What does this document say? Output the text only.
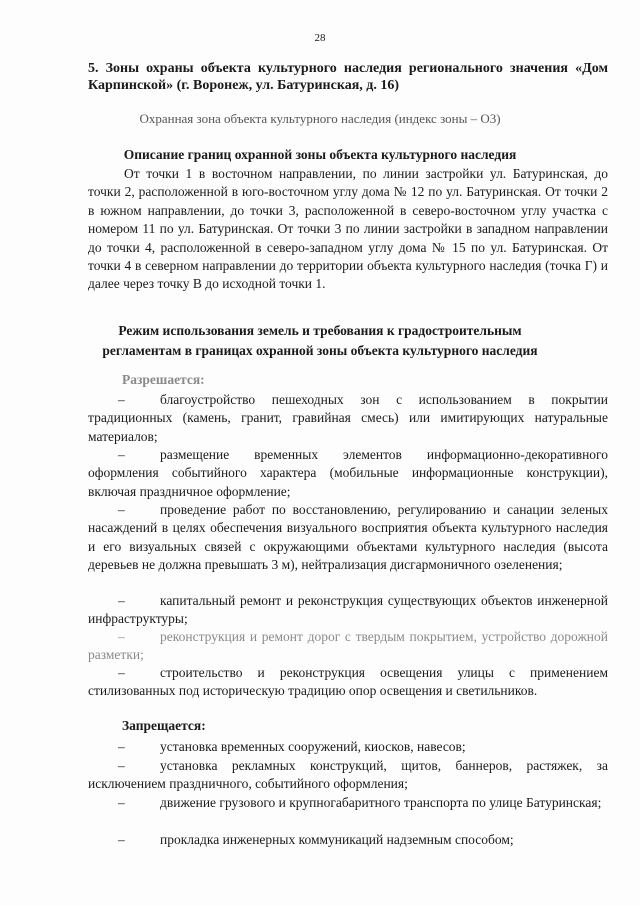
28
5. Зоны охраны объекта культурного наследия регионального значения «Дом Карпинской» (г. Воронеж, ул. Батуринская, д. 16)
Охранная зона объекта культурного наследия (индекс зоны – О3)
Описание границ охранной зоны объекта культурного наследия
От точки 1 в восточном направлении, по линии застройки ул. Батуринская, до точки 2, расположенной в юго-восточном углу дома № 12 по ул. Батуринская. От точки 2 в южном направлении, до точки 3, расположенной в северо-восточном углу участка с номером 11 по ул. Батуринская. От точки 3 по линии застройки в западном направлении до точки 4, расположенной в северо-западном углу дома № 15 по ул. Батуринская. От точки 4 в северном направлении до территории объекта культурного наследия (точка Г) и далее через точку В до исходной точки 1.
Режим использования земель и требования к градостроительным
регламентам в границах охранной зоны объекта культурного наследия
Разрешается:
–	благоустройство пешеходных зон с использованием в покрытии традиционных (камень, гранит, гравийная смесь) или имитирующих натуральные материалов;
–	размещение временных элементов информационно-декоративного оформления событийного характера (мобильные информационные конструкции), включая праздничное оформление;
–	проведение работ по восстановлению, регулированию и санации зеленых насаждений в целях обеспечения визуального восприятия объекта культурного наследия и его визуальных связей с окружающими объектами культурного наследия (высота деревьев не должна превышать 3 м), нейтрализация дисгармоничного озеленения;
–	капитальный ремонт и реконструкция существующих объектов инженерной инфраструктуры;
–	реконструкция и ремонт дорог с твердым покрытием, устройство дорожной разметки;
–	строительство и реконструкция освещения улицы с применением стилизованных под историческую традицию опор освещения и светильников.
Запрещается:
–	установка временных сооружений, киосков, навесов;
–	установка рекламных конструкций, щитов, баннеров, растяжек, за исключением праздничного, событийного оформления;
–	движение грузового и крупногабаритного транспорта по улице Батуринская;
–	прокладка инженерных коммуникаций надземным способом;
